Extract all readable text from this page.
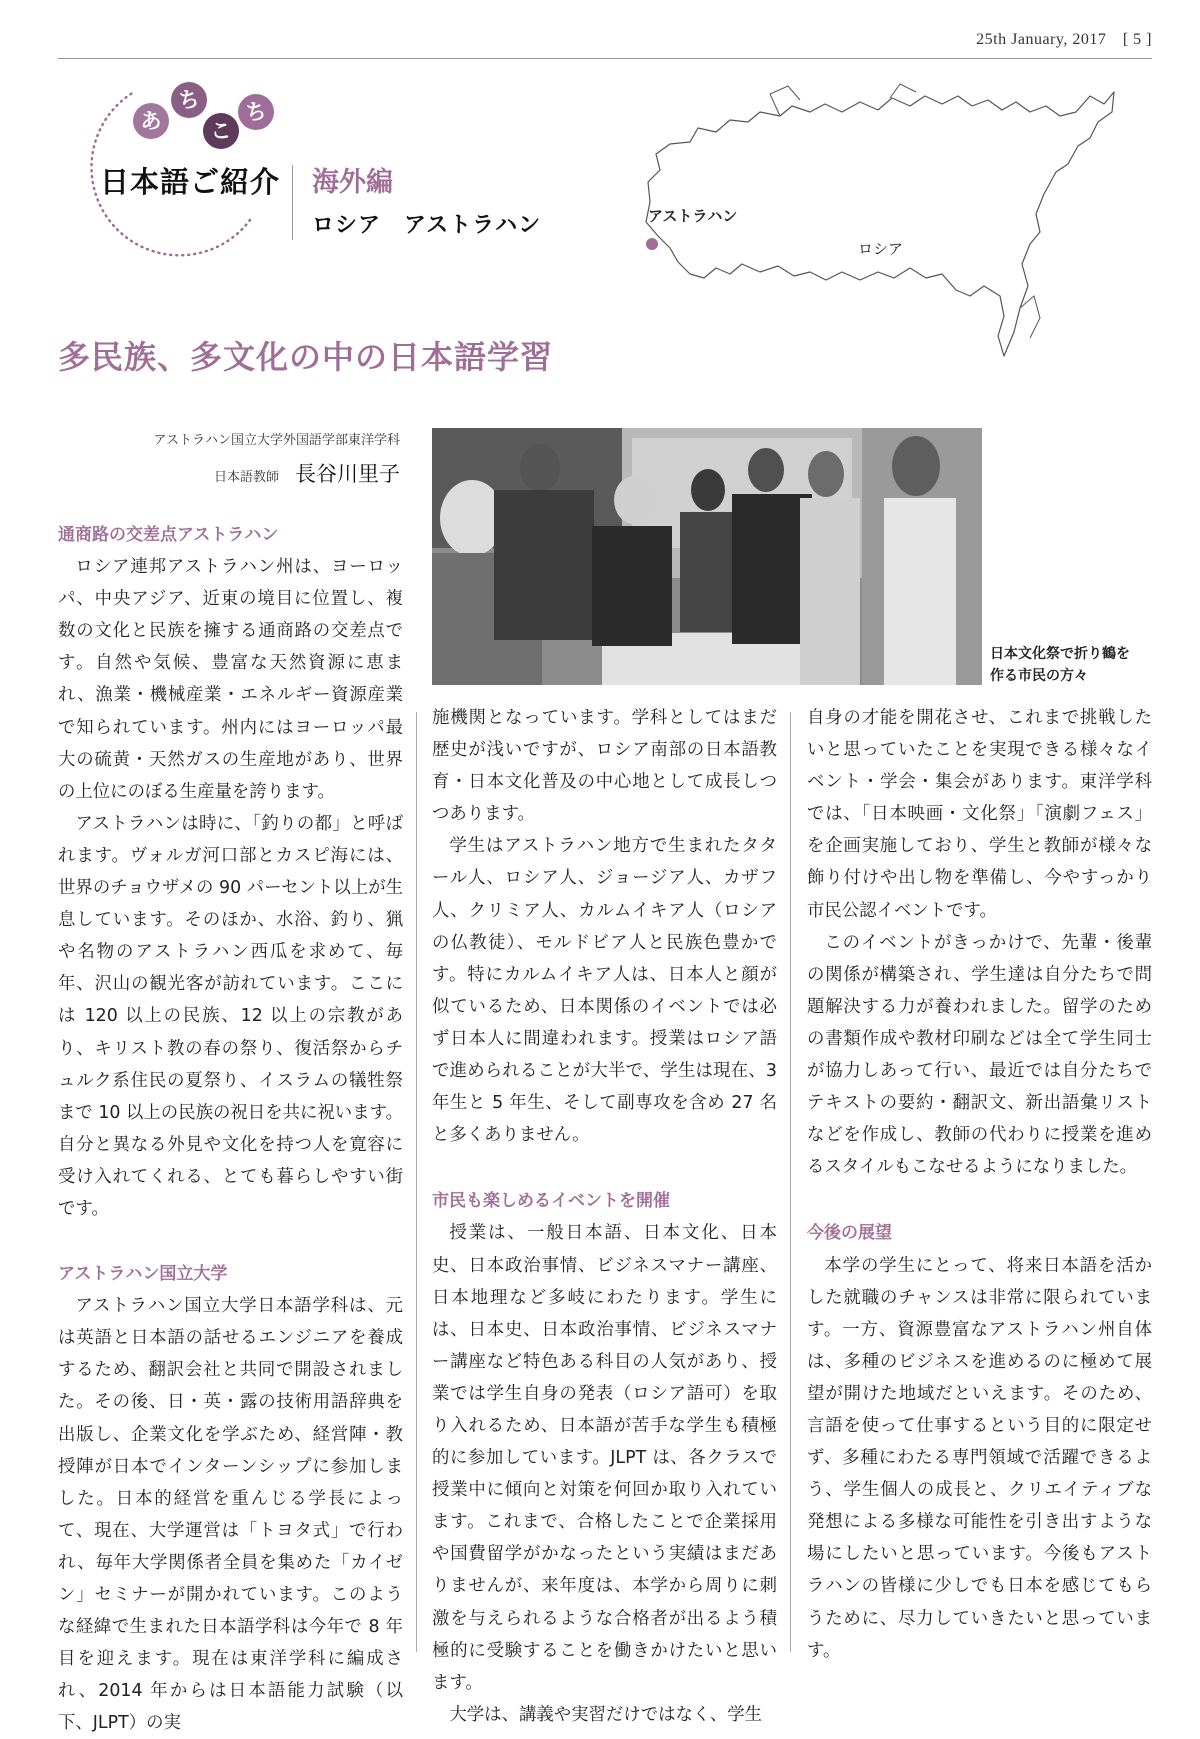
25th January, 2017　[ 5 ]
あ
ち
こ
ち
日本語ご紹介 海外編
ロシア　アストラハン	アストラハン
ロシア
多民族、多文化の中の日本語学習
アストラハン国立大学外国語学部東洋学科
日本語教師 長谷川里子
日本文化祭で折り鶴を
作る市民の方々
通商路の交差点アストラハン

ロシア連邦アストラハン州は、ヨーロッパ、中央アジア、近東の境目に位置し、複数の文化と民族を擁する通商路の交差点です。自然や気候、豊富な天然資源に恵まれ、漁業・機械産業・エネルギー資源産業で知られています。州内にはヨーロッパ最大の硫黄・天然ガスの生産地があり、世界の上位にのぼる生産量を誇ります。

アストラハンは時に、「釣りの都」と呼ばれます。ヴォルガ河口部とカスピ海には、世界のチョウザメの 90 パーセント以上が生息しています。そのほか、水浴、釣り、猟や名物のアストラハン西瓜を求めて、毎年、沢山の観光客が訪れています。ここには 120 以上の民族、12 以上の宗教があり、キリスト教の春の祭り、復活祭からチュルク系住民の夏祭り、イスラムの犠牲祭まで 10 以上の民族の祝日を共に祝います。自分と異なる外見や文化を持つ人を寛容に受け入れてくれる、とても暮らしやすい街です。

アストラハン国立大学

アストラハン国立大学日本語学科は、元は英語と日本語の話せるエンジニアを養成するため、翻訳会社と共同で開設されました。その後、日・英・露の技術用語辞典を出版し、企業文化を学ぶため、経営陣・教授陣が日本でインターンシップに参加しました。日本的経営を重んじる学長によって、現在、大学運営は「トヨタ式」で行われ、毎年大学関係者全員を集めた「カイゼン」セミナーが開かれています。このような経緯で生まれた日本語学科は今年で 8 年目を迎えます。現在は東洋学科に編成され、2014 年からは日本語能力試験（以下、JLPT）の実

施機関となっています。学科としてはまだ歴史が浅いですが、ロシア南部の日本語教育・日本文化普及の中心地として成長しつつあります。

学生はアストラハン地方で生まれたタタール人、ロシア人、ジョージア人、カザフ人、クリミア人、カルムイキア人（ロシアの仏教徒）、モルドビア人と民族色豊かです。特にカルムイキア人は、日本人と顔が似ているため、日本関係のイベントでは必ず日本人に間違われます。授業はロシア語で進められることが大半で、学生は現在、3 年生と 5 年生、そして副専攻を含め 27 名と多くありません。

市民も楽しめるイベントを開催

授業は、一般日本語、日本文化、日本史、日本政治事情、ビジネスマナー講座、日本地理など多岐にわたります。学生には、日本史、日本政治事情、ビジネスマナー講座など特色ある科目の人気があり、授業では学生自身の発表（ロシア語可）を取り入れるため、日本語が苦手な学生も積極的に参加しています。JLPT は、各クラスで授業中に傾向と対策を何回か取り入れています。これまで、合格したことで企業採用や国費留学がかなったという実績はまだありませんが、来年度は、本学から周りに刺激を与えられるような合格者が出るよう積極的に受験することを働きかけたいと思います。

大学は、講義や実習だけではなく、学生

自身の才能を開花させ、これまで挑戦したいと思っていたことを実現できる様々なイベント・学会・集会があります。東洋学科では、「日本映画・文化祭」「演劇フェス」を企画実施しており、学生と教師が様々な飾り付けや出し物を準備し、今やすっかり市民公認イベントです。

このイベントがきっかけで、先輩・後輩の関係が構築され、学生達は自分たちで問題解決する力が養われました。留学のための書類作成や教材印刷などは全て学生同士が協力しあって行い、最近では自分たちでテキストの要約・翻訳文、新出語彙リストなどを作成し、教師の代わりに授業を進めるスタイルもこなせるようになりました。

今後の展望

本学の学生にとって、将来日本語を活かした就職のチャンスは非常に限られています。一方、資源豊富なアストラハン州自体は、多種のビジネスを進めるのに極めて展望が開けた地域だといえます。そのため、言語を使って仕事するという目的に限定せず、多種にわたる専門領域で活躍できるよう、学生個人の成長と、クリエイティブな発想による多様な可能性を引き出すような場にしたいと思っています。今後もアストラハンの皆様に少しでも日本を感じてもらうために、尽力していきたいと思っています。
